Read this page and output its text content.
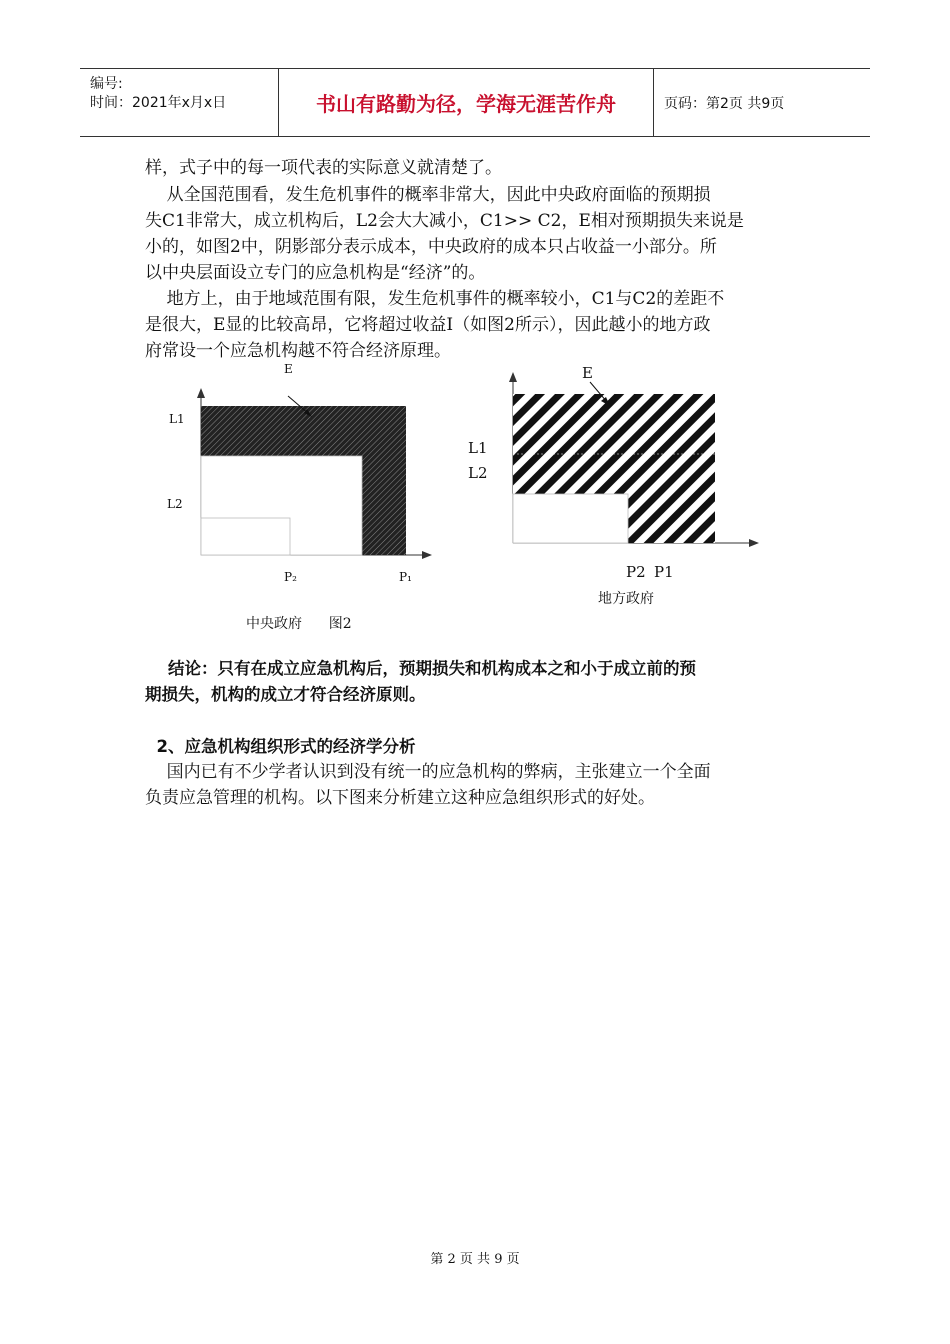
编号:
时间：2021年x月x日	书山有路勤为径，学海无涯苦作舟	页码：第2页 共9页

样，式子中的每一项代表的实际意义就清楚了。

从全国范围看，发生危机事件的概率非常大，因此中央政府面临的预期损

失C1非常大，成立机构后，L2会大大减小，C1>> C2，E相对预期损失来说是

小的，如图2中，阴影部分表示成本，中央政府的成本只占收益一小部分。所

以中央层面设立专门的应急机构是“经济”的。

地方上，由于地域范围有限，发生危机事件的概率较小，C1与C2的差距不

是很大，E显的比较高昂，它将超过收益I（如图2所示），因此越小的地方政

府常设一个应急机构越不符合经济原理。

E
L1
L2
P₂	P₁
中央政府      图2
E
L1
L2
P2 P1
地方政府

结论：只有在成立应急机构后，预期损失和机构成本之和小于成立前的预

期损失，机构的成立才符合经济原则。

2、应急机构组织形式的经济学分析

国内已有不少学者认识到没有统一的应急机构的弊病，主张建立一个全面

负责应急管理的机构。以下图来分析建立这种应急组织形式的好处。

第 2 页 共 9 页
